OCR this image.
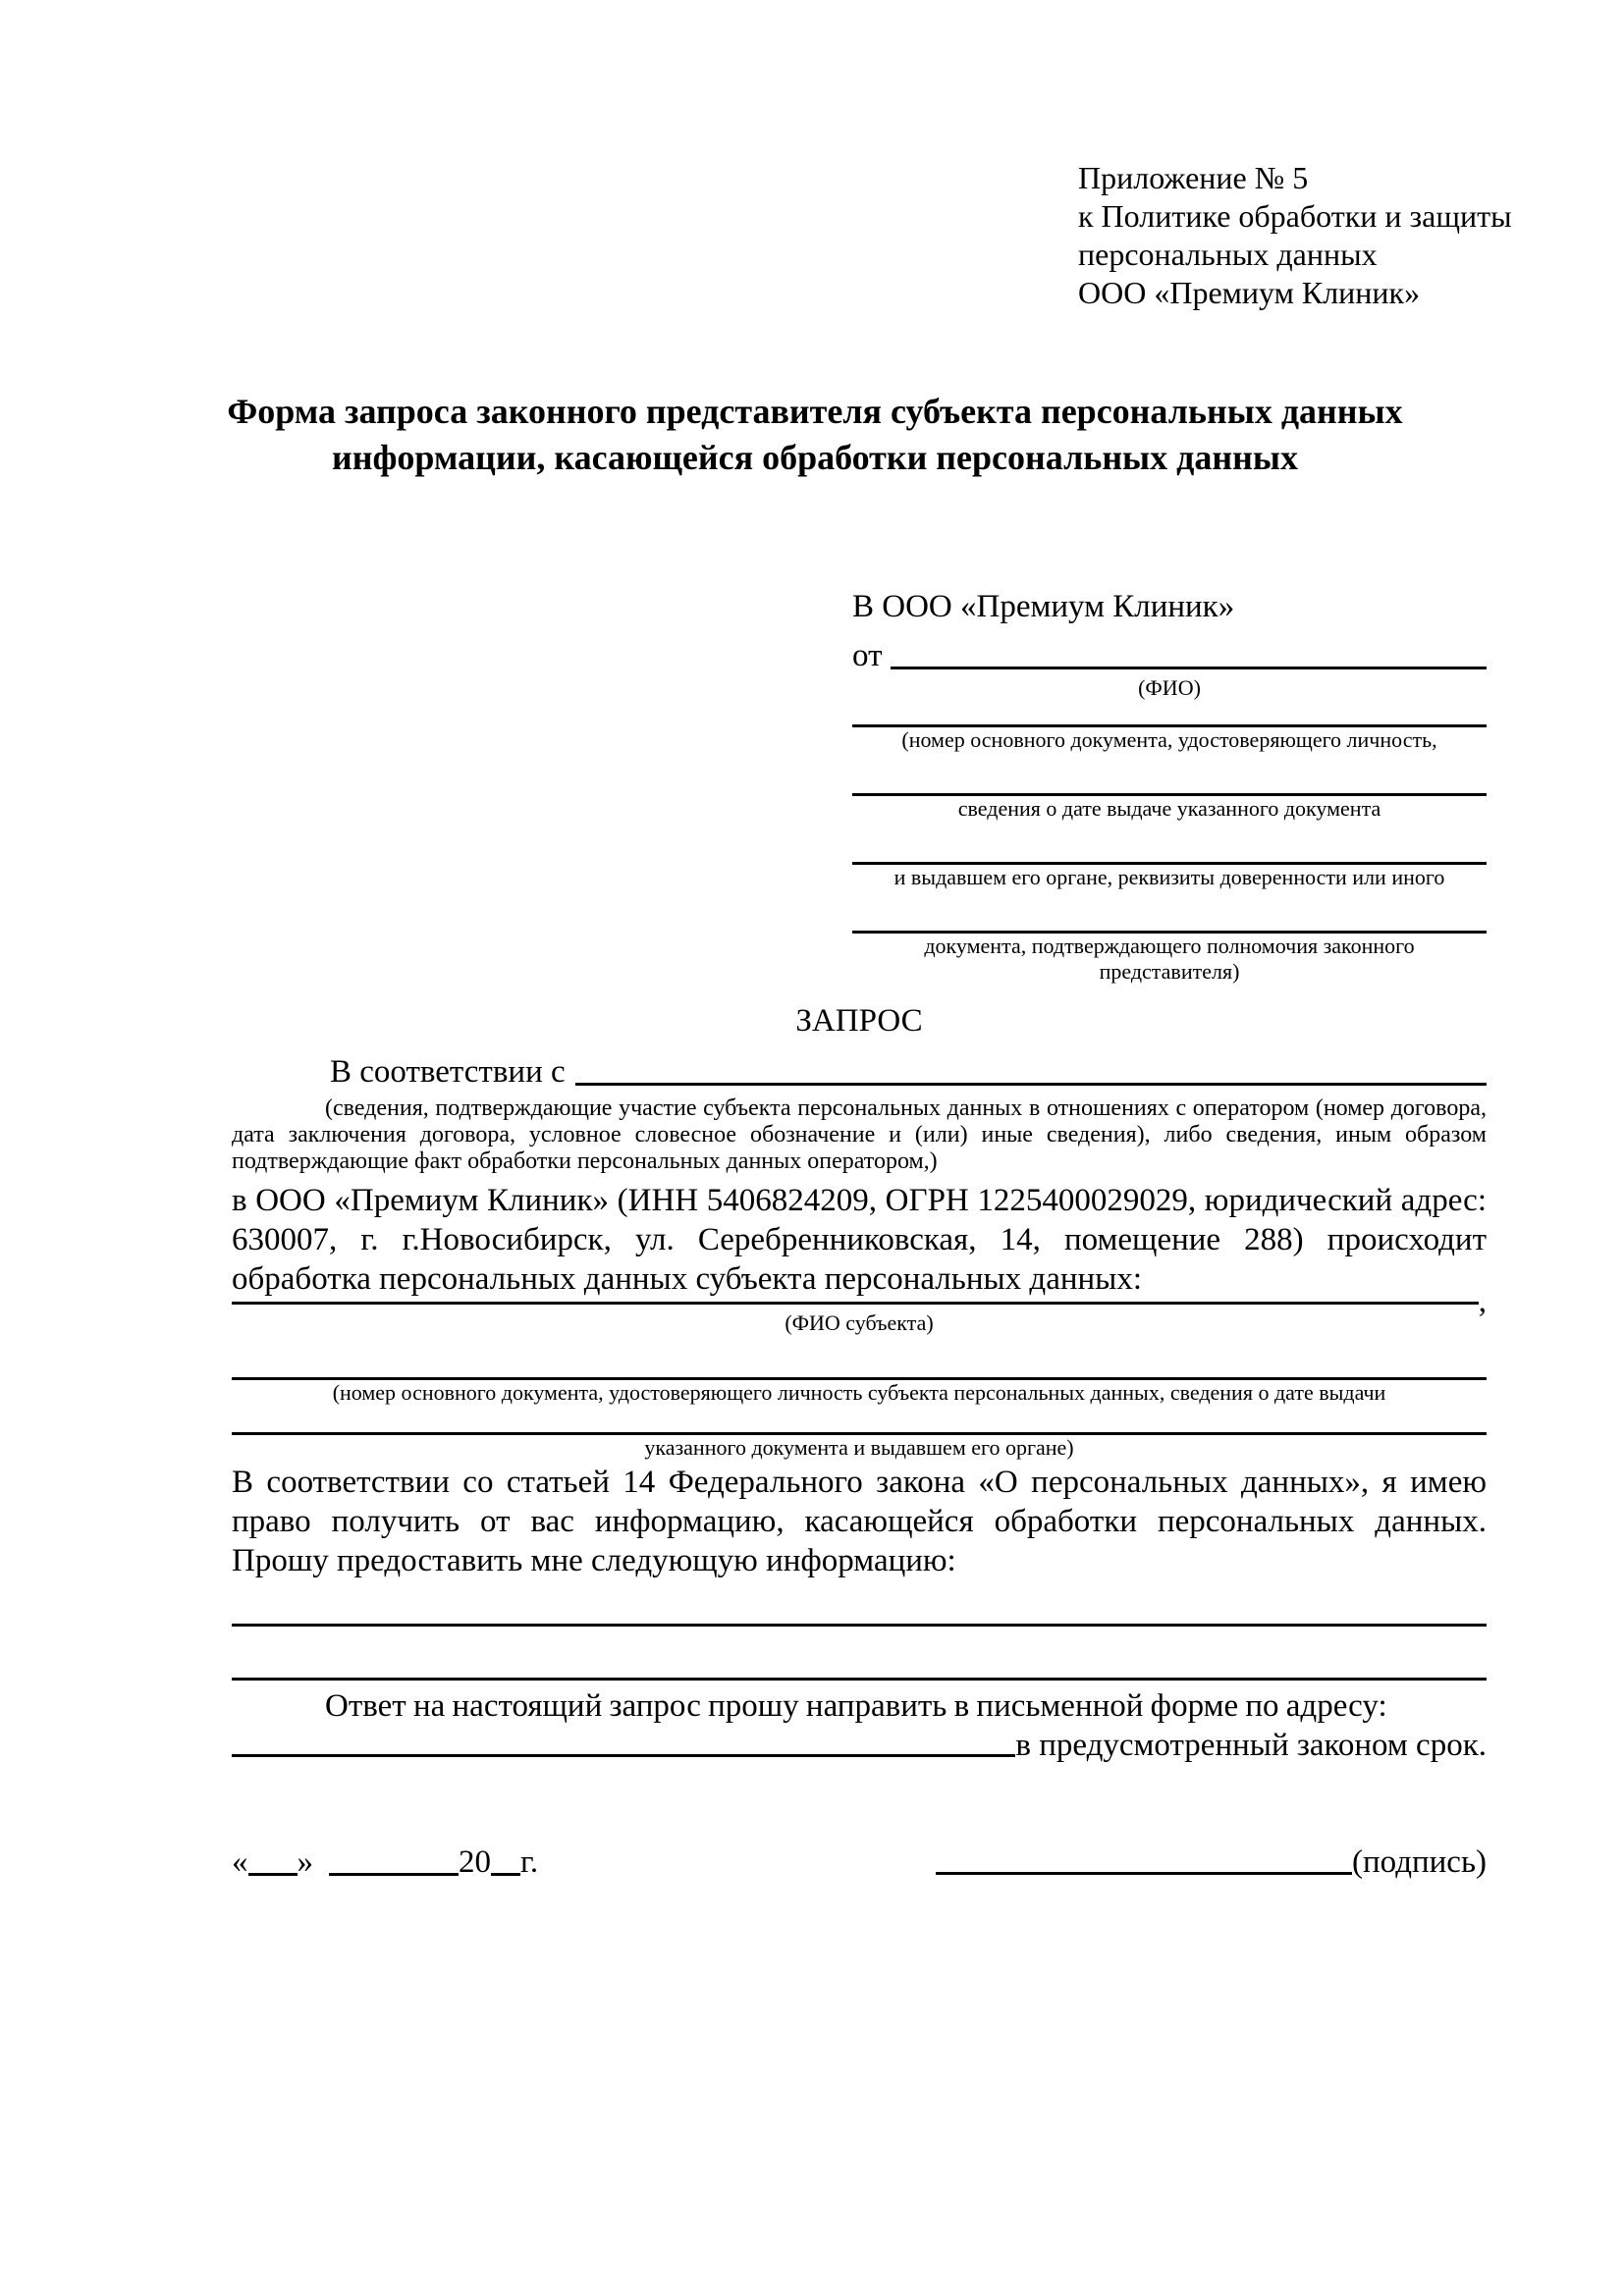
Приложение № 5
к Политике обработки и защиты
персональных данных
ООО «Премиум Клиник»
Форма запроса законного представителя субъекта персональных данных информации, касающейся обработки персональных данных
В ООО «Премиум Клиник»
от
(ФИО)
(номер основного документа, удостоверяющего личность,
сведения о дате выдаче указанного документа
и выдавшем его органе, реквизиты доверенности или иного
документа, подтверждающего полномочия законного представителя)
ЗАПРОС
В соответствии с
(сведения, подтверждающие участие субъекта персональных данных в отношениях с оператором (номер договора, дата заключения договора, условное словесное обозначение и (или) иные сведения), либо сведения, иным образом подтверждающие факт обработки персональных данных оператором,)
в ООО «Премиум Клиник» (ИНН 5406824209, ОГРН 1225400029029, юридический адрес: 630007, г. г.Новосибирск, ул. Серебренниковская, 14, помещение 288) происходит обработка персональных данных субъекта персональных данных:
,
(ФИО субъекта)
(номер основного документа, удостоверяющего личность субъекта персональных данных, сведения о дате выдачи
указанного документа и выдавшем его органе)
В соответствии со статьей 14 Федерального закона «О персональных данных», я имею право получить от вас информацию, касающейся обработки персональных данных. Прошу предоставить мне следующую информацию:
Ответ на настоящий запрос прошу направить в письменной форме по адресу:
в предусмотренный законом срок.
« »	20 г.	(подпись)
